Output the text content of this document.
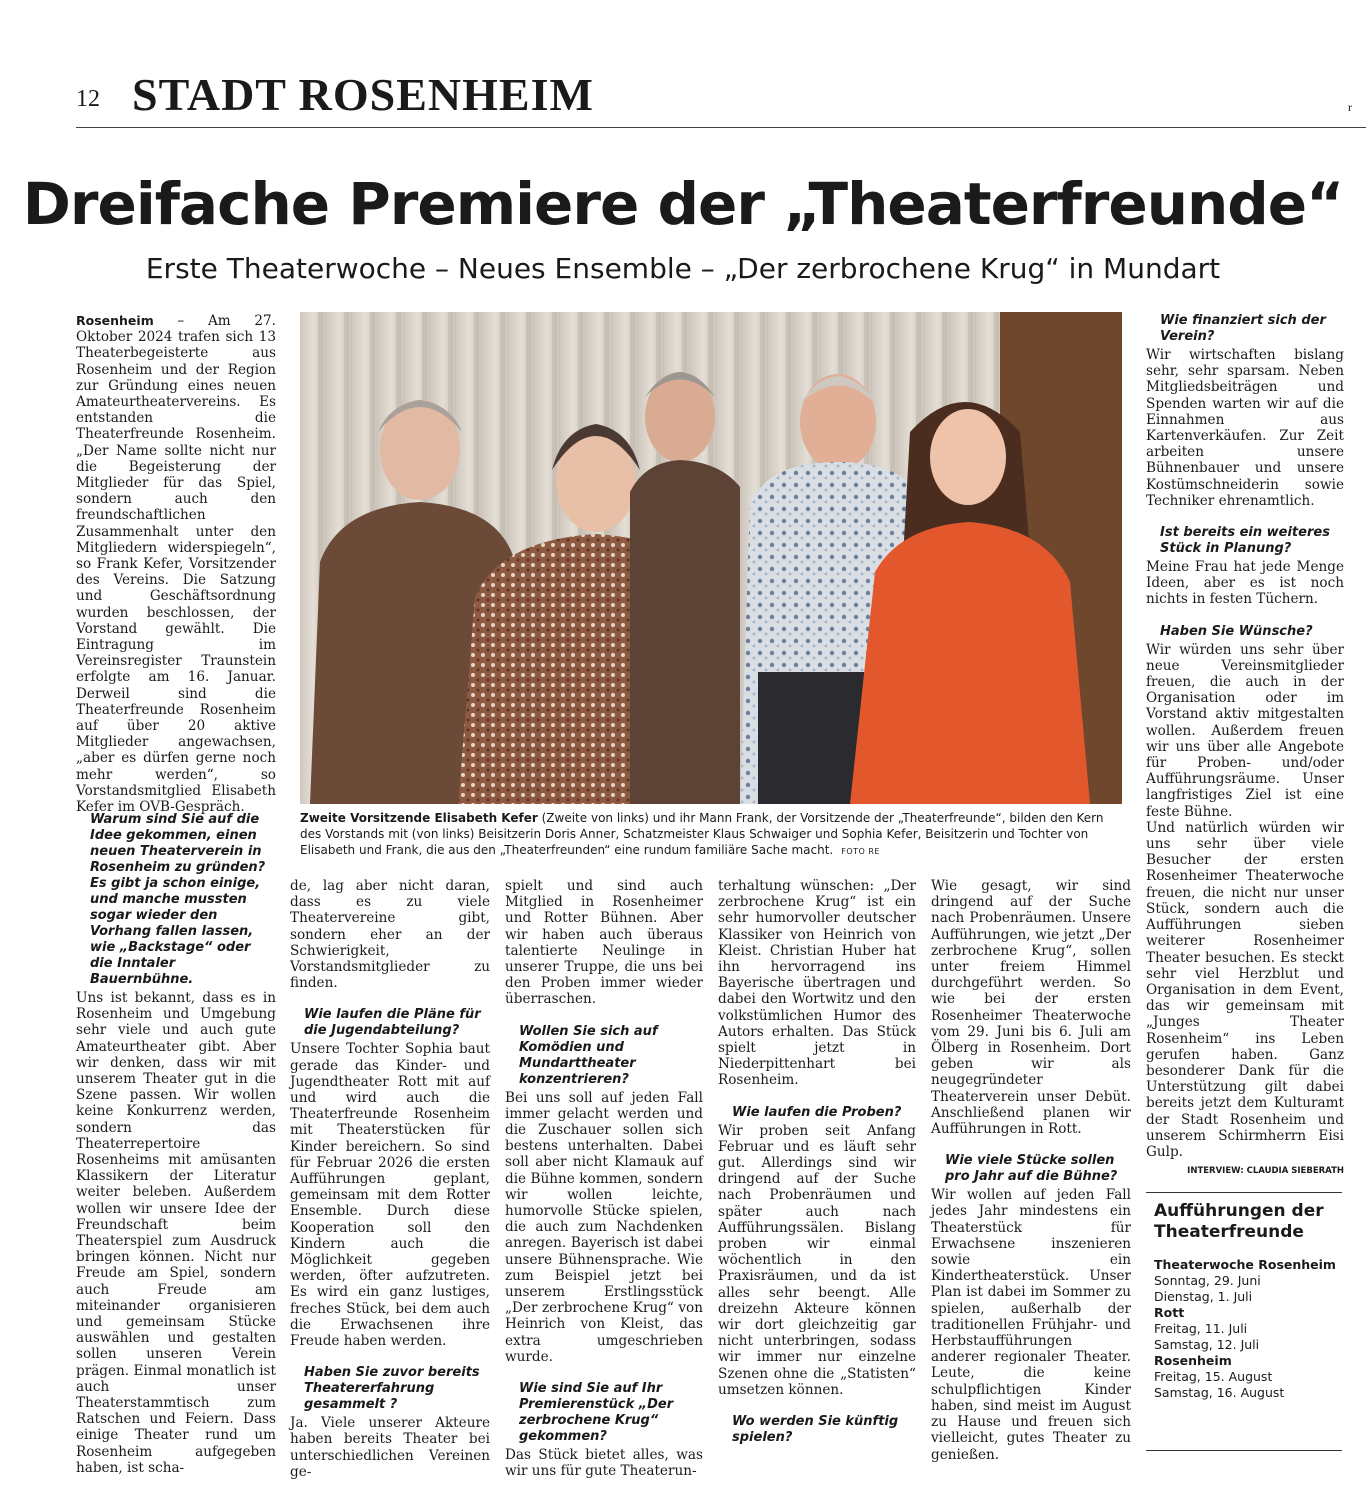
12 STADT ROSENHEIM	r
Dreifache Premiere der „Theaterfreunde“
Erste Theaterwoche – Neues Ensemble – „Der zerbrochene Krug“ in Mundart

Rosenheim – Am 27. Oktober 2024 trafen sich 13 Theaterbegeisterte aus Rosenheim und der Region zur Gründung eines neuen Amateurtheatervereins. Es entstanden die Theaterfreunde Rosenheim. „Der Name sollte nicht nur die Begeisterung der Mitglieder für das Spiel, sondern auch den freundschaftlichen Zusammenhalt unter den Mitgliedern widerspiegeln“, so Frank Kefer, Vorsitzender des Vereins. Die Satzung und Geschäftsordnung wurden beschlossen, der Vorstand gewählt. Die Eintragung im Vereinsregister Traunstein erfolgte am 16. Januar. Derweil sind die Theaterfreunde Rosenheim auf über 20 aktive Mitglieder angewachsen, „aber es dürfen gerne noch mehr werden“, so Vorstandsmitglied Elisabeth Kefer im OVB-Gespräch.

Zweite Vorsitzende Elisabeth Kefer (Zweite von links) und ihr Mann Frank, der Vorsitzende der „Theaterfreunde“, bilden den Kern des Vorstands mit (von links) Beisitzerin Doris Anner, Schatzmeister Klaus Schwaiger und Sophia Kefer, Beisitzerin und Tochter von Elisabeth und Frank, die aus den „Theaterfreunden“ eine rundum familiäre Sache macht. FOTO RE
Warum sind Sie auf die Idee gekommen, einen neuen Theaterverein in Rosenheim zu gründen? Es gibt ja schon einige, und manche mussten sogar wieder den Vorhang fallen lassen, wie „Backstage“ oder die Inntaler Bauernbühne.

Uns ist bekannt, dass es in Rosenheim und Umgebung sehr viele und auch gute Amateurtheater gibt. Aber wir denken, dass wir mit unserem Theater gut in die Szene passen. Wir wollen keine Konkurrenz werden, sondern das Theaterrepertoire Rosenheims mit amüsanten Klassikern der Literatur weiter beleben. Außerdem wollen wir unsere Idee der Freundschaft beim Theaterspiel zum Ausdruck bringen können. Nicht nur Freude am Spiel, sondern auch Freude am miteinander organisieren und gemeinsam Stücke auswählen und gestalten sollen unseren Verein prägen. Einmal monatlich ist auch unser Theaterstammtisch zum Ratschen und Feiern. Dass einige Theater rund um Rosenheim aufgegeben haben, ist scha-

de, lag aber nicht daran, dass es zu viele Theatervereine gibt, sondern eher an der Schwierigkeit, Vorstandsmitglieder zu finden.

Wie laufen die Pläne für die Jugendabteilung?

Unsere Tochter Sophia baut gerade das Kinder- und Jugendtheater Rott mit auf und wird auch die Theaterfreunde Rosenheim mit Theaterstücken für Kinder bereichern. So sind für Februar 2026 die ersten Aufführungen geplant, gemeinsam mit dem Rotter Ensemble. Durch diese Kooperation soll den Kindern auch die Möglichkeit gegeben werden, öfter aufzutreten. Es wird ein ganz lustiges, freches Stück, bei dem auch die Erwachsenen ihre Freude haben werden.

Haben Sie zuvor bereits Theatererfahrung gesammelt ?

Ja. Viele unserer Akteure haben bereits Theater bei unterschiedlichen Vereinen ge-

spielt und sind auch Mitglied in Rosenheimer und Rotter Bühnen. Aber wir haben auch überaus talentierte Neulinge in unserer Truppe, die uns bei den Proben immer wieder überraschen.

Wollen Sie sich auf Komödien und Mundarttheater konzentrieren?

Bei uns soll auf jeden Fall immer gelacht werden und die Zuschauer sollen sich bestens unterhalten. Dabei soll aber nicht Klamauk auf die Bühne kommen, sondern wir wollen leichte, humorvolle Stücke spielen, die auch zum Nachdenken anregen. Bayerisch ist dabei unsere Bühnensprache. Wie zum Beispiel jetzt bei unserem Erstlingsstück „Der zerbrochene Krug“ von Heinrich von Kleist, das extra umgeschrieben wurde.

Wie sind Sie auf Ihr Premierenstück „Der zerbrochene Krug“ gekommen?

Das Stück bietet alles, was wir uns für gute Theaterun-

terhaltung wünschen: „Der zerbrochene Krug“ ist ein sehr humorvoller deutscher Klassiker von Heinrich von Kleist. Christian Huber hat ihn hervorragend ins Bayerische übertragen und dabei den Wortwitz und den volkstümlichen Humor des Autors erhalten. Das Stück spielt jetzt in Niederpittenhart bei Rosenheim.

Wie laufen die Proben?

Wir proben seit Anfang Februar und es läuft sehr gut. Allerdings sind wir dringend auf der Suche nach Probenräumen und später auch nach Aufführungssälen. Bislang proben wir einmal wöchentlich in den Praxisräumen, und da ist alles sehr beengt. Alle dreizehn Akteure können wir dort gleichzeitig gar nicht unterbringen, sodass wir immer nur einzelne Szenen ohne die „Statisten“ umsetzen können.

Wo werden Sie künftig spielen?

Wie gesagt, wir sind dringend auf der Suche nach Probenräumen. Unsere Aufführungen, wie jetzt „Der zerbrochene Krug“, sollen unter freiem Himmel durchgeführt werden. So wie bei der ersten Rosenheimer Theaterwoche vom 29. Juni bis 6. Juli am Ölberg in Rosenheim. Dort geben wir als neugegründeter Theaterverein unser Debüt. Anschließend planen wir Aufführungen in Rott.

Wie viele Stücke sollen pro Jahr auf die Bühne?

Wir wollen auf jeden Fall jedes Jahr mindestens ein Theaterstück für Erwachsene inszenieren sowie ein Kindertheaterstück. Unser Plan ist dabei im Sommer zu spielen, außerhalb der traditionellen Frühjahr- und Herbstaufführungen anderer regionaler Theater. Leute, die keine schulpflichtigen Kinder haben, sind meist im August zu Hause und freuen sich vielleicht, gutes Theater zu genießen.

Wie finanziert sich der Verein?

Wir wirtschaften bislang sehr, sehr sparsam. Neben Mitgliedsbeiträgen und Spenden warten wir auf die Einnahmen aus Kartenverkäufen. Zur Zeit arbeiten unsere Bühnenbauer und unsere Kostümschneiderin sowie Techniker ehrenamtlich.

Ist bereits ein weiteres Stück in Planung?

Meine Frau hat jede Menge Ideen, aber es ist noch nichts in festen Tüchern.

Haben Sie Wünsche?

Wir würden uns sehr über neue Vereinsmitglieder freuen, die auch in der Organisation oder im Vorstand aktiv mitgestalten wollen. Außerdem freuen wir uns über alle Angebote für Proben- und/oder Aufführungsräume. Unser langfristiges Ziel ist eine feste Bühne.

Und natürlich würden wir uns sehr über viele Besucher der ersten Rosenheimer Theaterwoche freuen, die nicht nur unser Stück, sondern auch die Aufführungen sieben weiterer Rosenheimer Theater besuchen. Es steckt sehr viel Herzblut und Organisation in dem Event, das wir gemeinsam mit „Junges Theater Rosenheim“ ins Leben gerufen haben. Ganz besonderer Dank für die Unterstützung gilt dabei bereits jetzt dem Kulturamt der Stadt Rosenheim und unserem Schirmherrn Eisi Gulp.

INTERVIEW: CLAUDIA SIEBERATH
Aufführungen der Theaterfreunde
Theaterwoche Rosenheim
Sonntag, 29. Juni
Dienstag, 1. Juli
Rott
Freitag, 11. Juli
Samstag, 12. Juli
Rosenheim
Freitag, 15. August
Samstag, 16. August
